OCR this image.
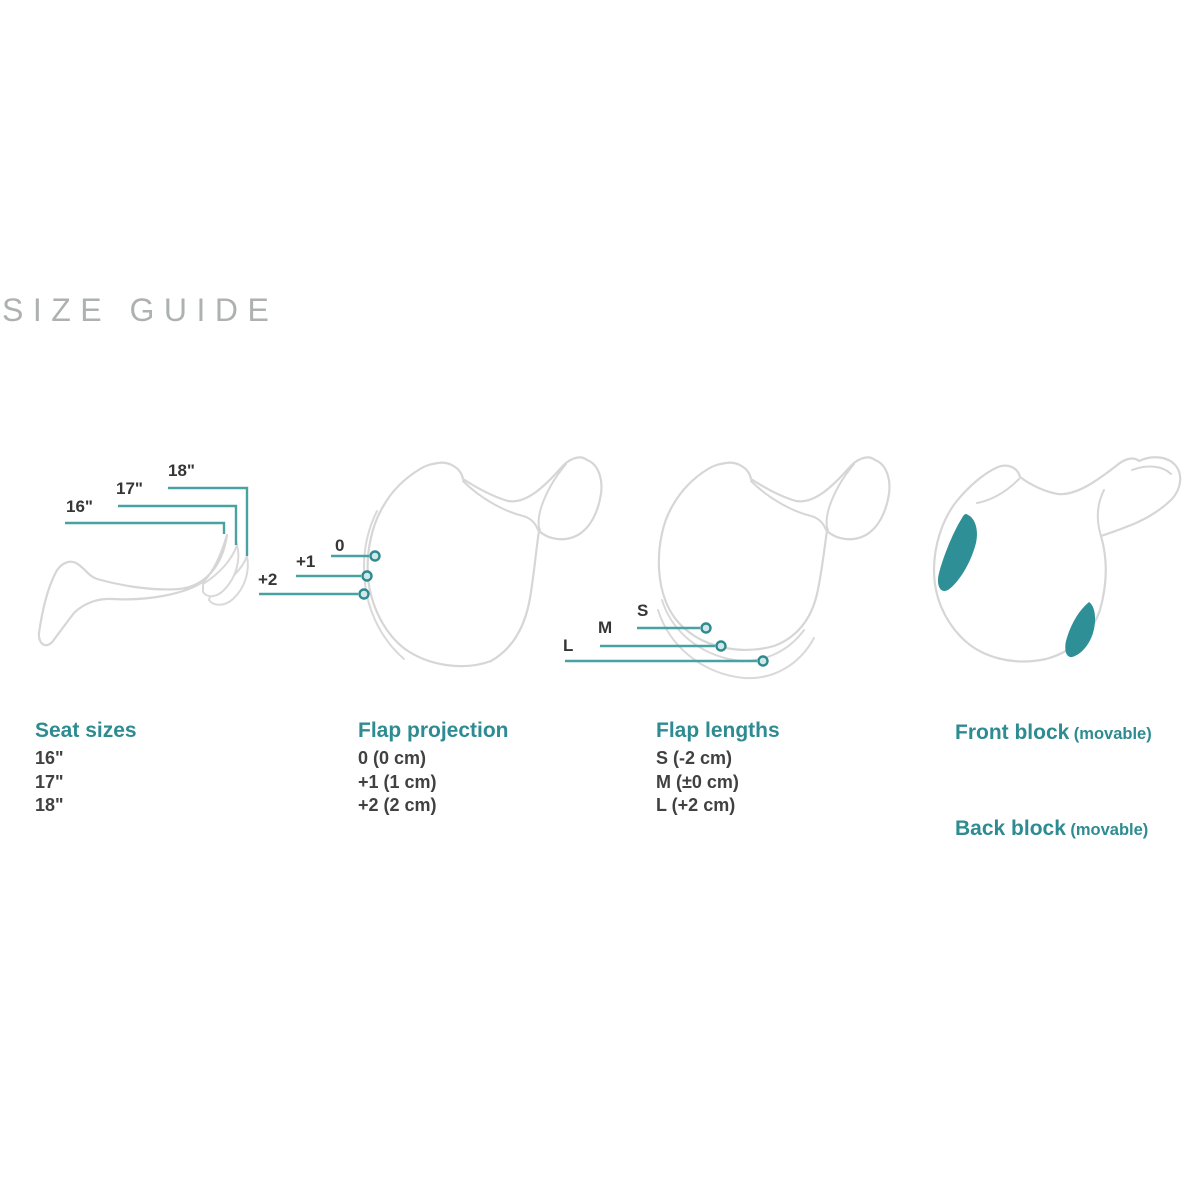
SIZE GUIDE
16"
17"
18"
0
+1
+2
S
M
L
Seat sizes
16"
17"
18"
Flap projection
0 (0 cm)
+1 (1 cm)
+2 (2 cm)
Flap lengths
S (-2 cm)
M (±0 cm)
L (+2 cm)
Front block (movable)
Back block (movable)
